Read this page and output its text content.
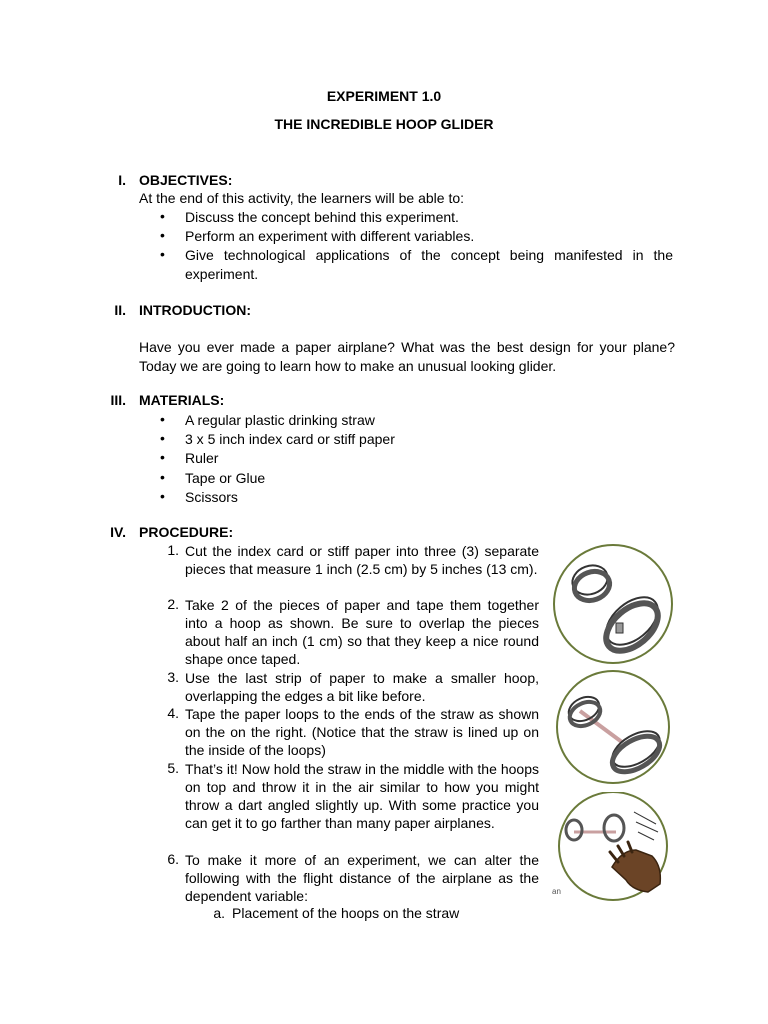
EXPERIMENT 1.0
THE INCREDIBLE HOOP GLIDER
I. OBJECTIVES:
At the end of this activity, the learners will be able to:
• Discuss the concept behind this experiment.
• Perform an experiment with different variables.
• Give technological applications of the concept being manifested in the experiment.
II. INTRODUCTION:
Have you ever made a paper airplane? What was the best design for your plane? Today we are going to learn how to make an unusual looking glider.
III. MATERIALS:
• A regular plastic drinking straw
• 3 x 5 inch index card or stiff paper
• Ruler
• Tape or Glue
• Scissors
IV. PROCEDURE:
1. Cut the index card or stiff paper into three (3) separate pieces that measure 1 inch (2.5 cm) by 5 inches (13 cm).
2. Take 2 of the pieces of paper and tape them together into a hoop as shown. Be sure to overlap the pieces about half an inch (1 cm) so that they keep a nice round shape once taped.
3. Use the last strip of paper to make a smaller hoop, overlapping the edges a bit like before.
4. Tape the paper loops to the ends of the straw as shown on the on the right. (Notice that the straw is lined up on the inside of the loops)
5. That’s it! Now hold the straw in the middle with the hoops on top and throw it in the air similar to how you might throw a dart angled slightly up. With some practice you can get it to go farther than many paper airplanes.
6. To make it more of an experiment, we can alter the following with the flight distance of the airplane as the dependent variable:
a. Placement of the hoops on the straw
an
